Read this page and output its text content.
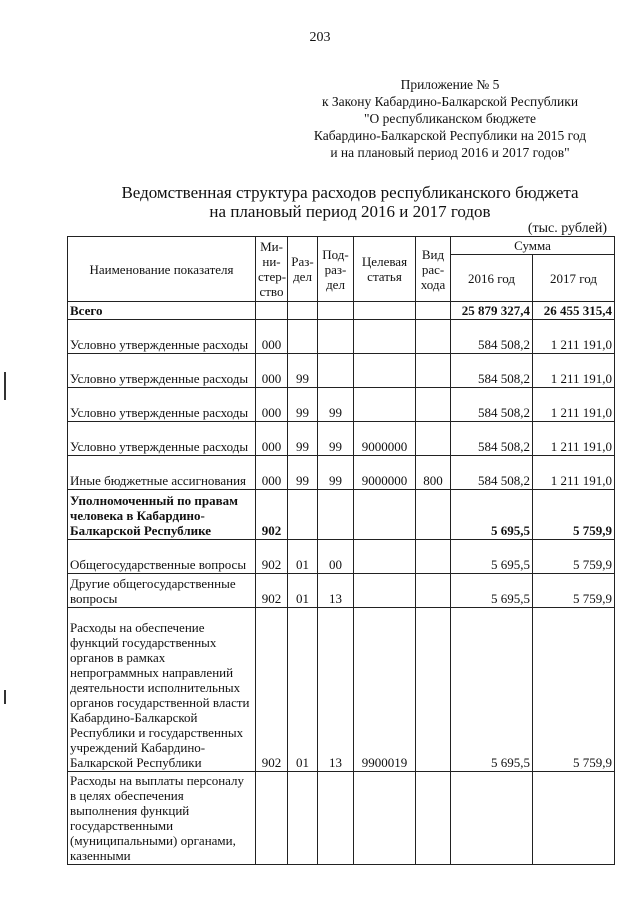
203
Приложение № 5
к Закону Кабардино-Балкарской Республики
"О республиканском бюджете
Кабардино-Балкарской Республики на 2015 год
и на плановый период 2016 и 2017 годов"
Ведомственная структура расходов республиканского бюджета
на плановый период 2016 и 2017 годов
(тыс. рублей)
Наименование показателя	Ми-ни-стер-ство	Раз-дел	Под-раз-дел	Целевая статья	Вид рас-хода	Сумма	
						2016 год	2017 год
Всего						25 879 327,4	26 455 315,4
Условно утвержденные расходы	000					584 508,2	1 211 191,0
Условно утвержденные расходы	000	99				584 508,2	1 211 191,0
Условно утвержденные расходы	000	99	99			584 508,2	1 211 191,0
Условно утвержденные расходы	000	99	99	9000000		584 508,2	1 211 191,0
Иные бюджетные ассигнования	000	99	99	9000000	800	584 508,2	1 211 191,0
Уполномоченный по правам человека в Кабардино-Балкарской Республике	902					5 695,5	5 759,9
Общегосударственные вопросы	902	01	00			5 695,5	5 759,9
Другие общегосударственные вопросы	902	01	13			5 695,5	5 759,9
Расходы на обеспечение функций государственных органов в рамках непрограммных направлений деятельности исполнительных органов государственной власти Кабардино-Балкарской Республики и государственных учреждений Кабардино-Балкарской Республики	902	01	13	9900019		5 695,5	5 759,9
Расходы на выплаты персоналу в целях обеспечения выполнения функций государственными (муниципальными) органами, казенными							
